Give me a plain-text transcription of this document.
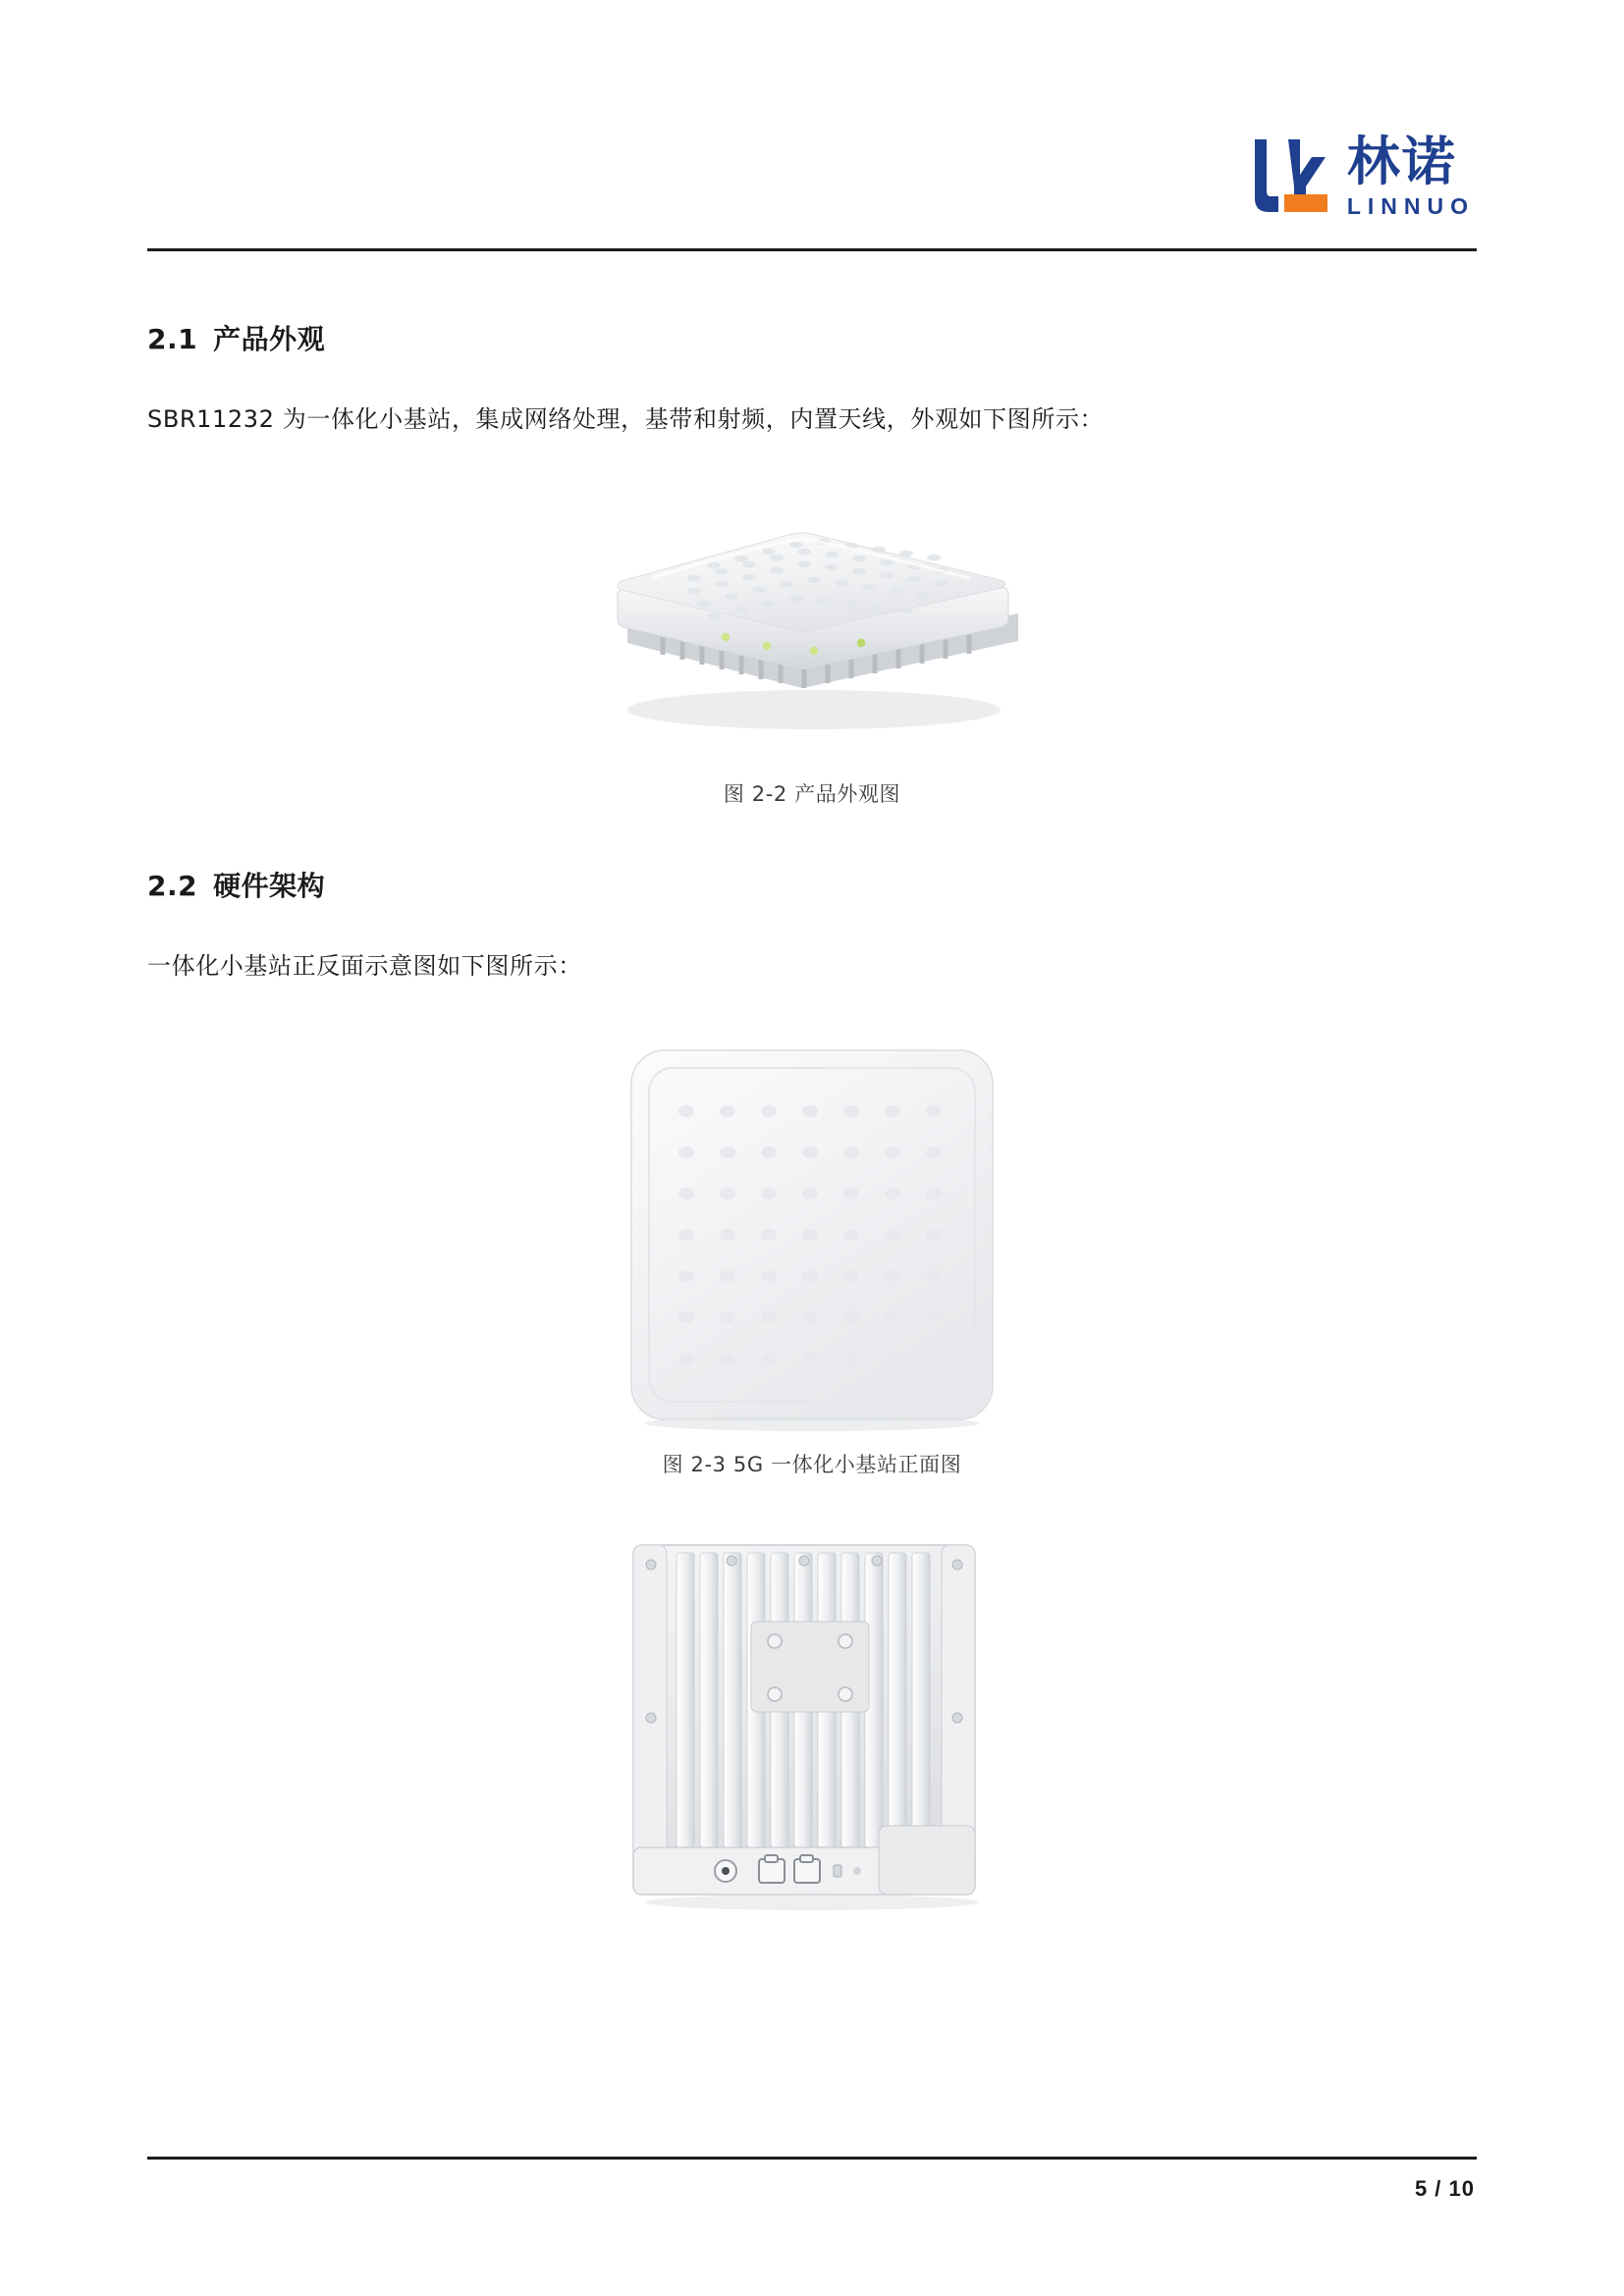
林诺
LINNUO
2.1 产品外观

SBR11232 为一体化小基站，集成网络处理，基带和射频，内置天线，外观如下图所示：

图 2-2 产品外观图
2.2 硬件架构

一体化小基站正反面示意图如下图所示：

图 2-3 5G 一体化小基站正面图
5 / 10
